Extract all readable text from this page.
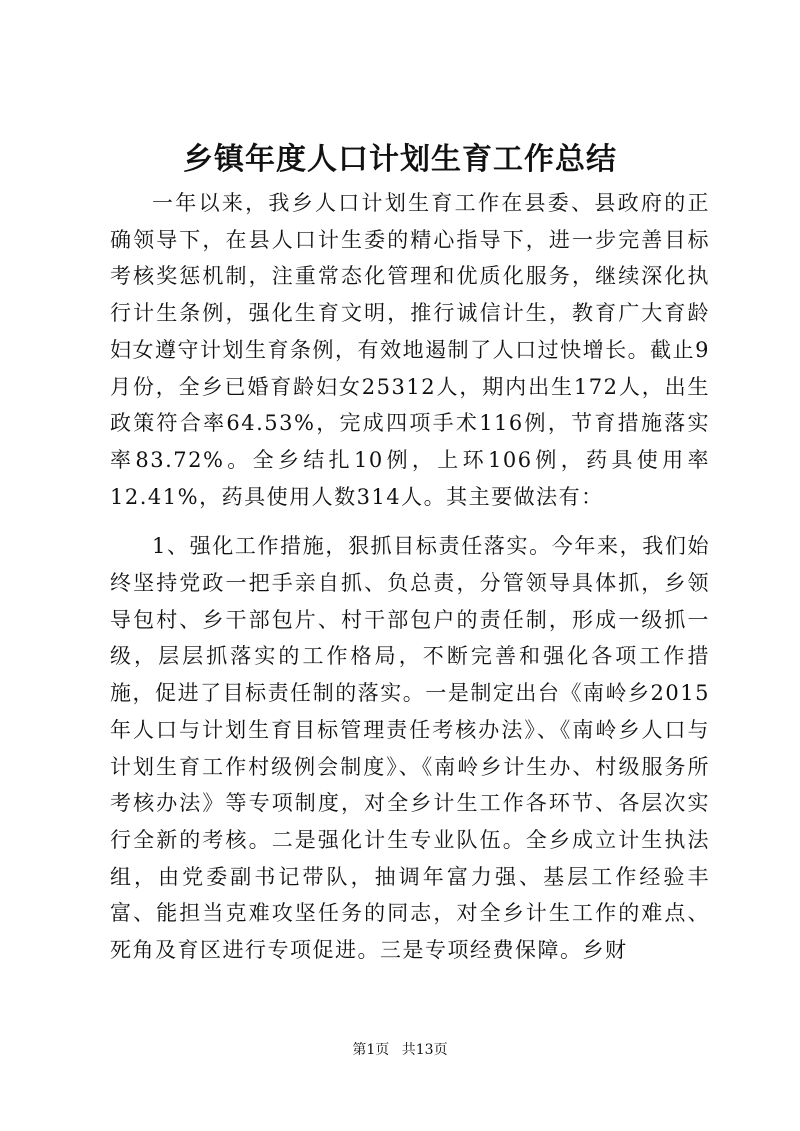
乡镇年度人口计划生育工作总结

一年以来，我乡人口计划生育工作在县委、县政府的正确领导下，在县人口计生委的精心指导下，进一步完善目标考核奖惩机制，注重常态化管理和优质化服务，继续深化执行计生条例，强化生育文明，推行诚信计生，教育广大育龄妇女遵守计划生育条例，有效地遏制了人口过快增长。截止9月份，全乡已婚育龄妇女25312人，期内出生172人，出生政策符合率64.53%，完成四项手术116例，节育措施落实率83.72%。全乡结扎10例，上环106例，药具使用率12.41%，药具使用人数314人。其主要做法有：

1、强化工作措施，狠抓目标责任落实。今年来，我们始终坚持党政一把手亲自抓、负总责，分管领导具体抓，乡领导包村、乡干部包片、村干部包户的责任制，形成一级抓一级，层层抓落实的工作格局，不断完善和强化各项工作措施，促进了目标责任制的落实。一是制定出台《南岭乡2015年人口与计划生育目标管理责任考核办法》、《南岭乡人口与计划生育工作村级例会制度》、《南岭乡计生办、村级服务所考核办法》等专项制度，对全乡计生工作各环节、各层次实行全新的考核。二是强化计生专业队伍。全乡成立计生执法组，由党委副书记带队，抽调年富力强、基层工作经验丰富、能担当克难攻坚任务的同志，对全乡计生工作的难点、死角及育区进行专项促进。三是专项经费保障。乡财

第1页 共13页
